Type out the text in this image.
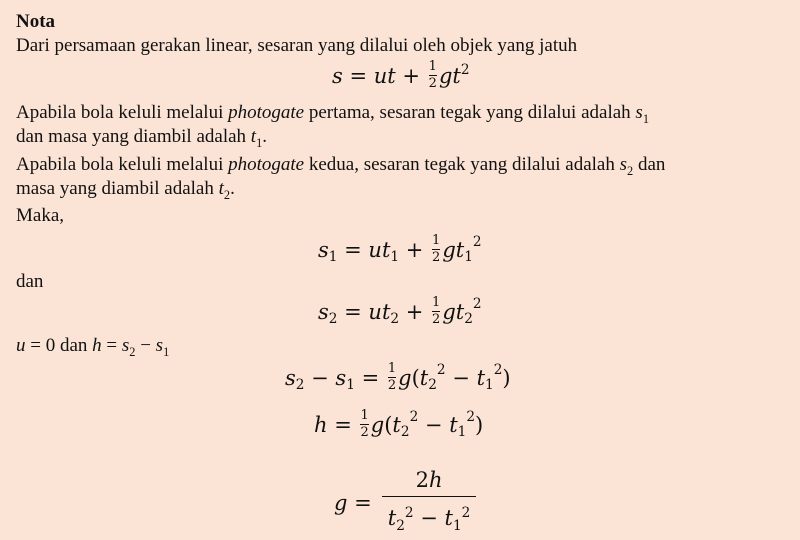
Nota
Dari persamaan gerakan linear, sesaran yang dilalui oleh objek yang jatuh
s = ut + $\frac{1}{2} gt^2$
Apabila bola keluli melalui photogate pertama, sesaran tegak yang dilalui adalah $s_1$
dan masa yang diambil adalah $t_1$.
Apabila bola keluli melalui photogate kedua, sesaran tegak yang dilalui adalah $s_2$ dan
masa yang diambil adalah $t_2$.
Maka,
$s_1 = ut_1 + \frac{1}{2} gt_1$
$^2$
dan
$s_2 = ut_2 + \frac{1}{2} gt_2$
$^2$
u = 0 dan $h = s_2 - s_1$
$s_2 - s_1 = \frac{1}{2}$ g ( $t_2$
$^2 - t_1$
$^2$ )
$h = \frac{1}{2}$ g ( $t_2$
$^2 - t_1$
$^2$ )
$g = \frac{2h}{t_2^2 - t_1^2}$
